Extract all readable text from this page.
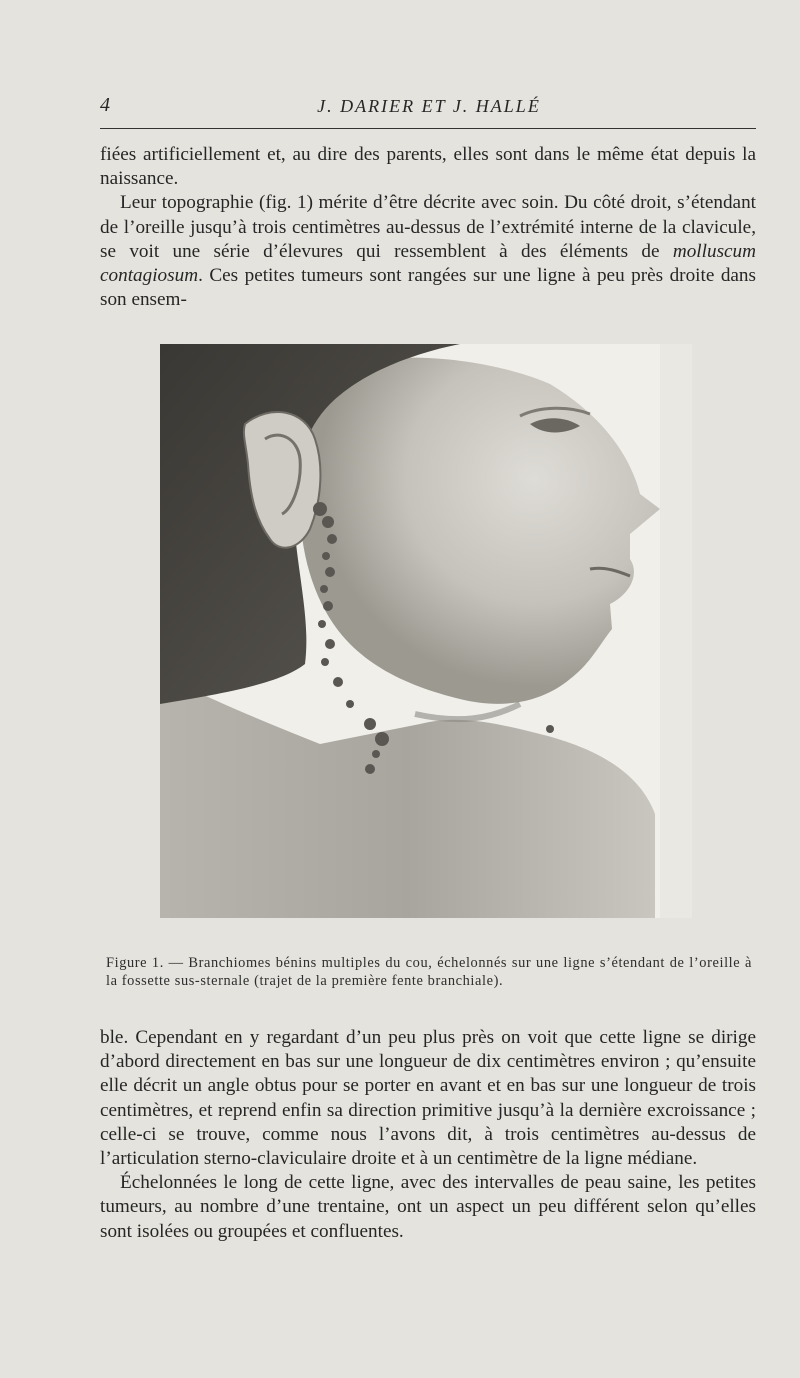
4	J. DARIER ET J. HALLÉ

fiées artificiellement et, au dire des parents, elles sont dans le même état depuis la naissance.

Leur topographie (fig. 1) mérite d’être décrite avec soin. Du côté droit, s’étendant de l’oreille jusqu’à trois centimètres au-dessus de l’extrémité interne de la clavicule, se voit une série d’élevures qui ressemblent à des éléments de molluscum contagiosum. Ces petites tumeurs sont rangées sur une ligne à peu près droite dans son ensem-

Figure 1. — Branchiomes bénins multiples du cou, échelonnés sur une ligne s’étendant de l’oreille à la fossette sus-sternale (trajet de la première fente branchiale).

ble. Cependant en y regardant d’un peu plus près on voit que cette ligne se dirige d’abord directement en bas sur une longueur de dix centimètres environ ; qu’ensuite elle décrit un angle obtus pour se porter en avant et en bas sur une longueur de trois centimètres, et reprend enfin sa direction primitive jusqu’à la dernière excroissance ; celle-ci se trouve, comme nous l’avons dit, à trois centimètres au-dessus de l’articulation sterno-claviculaire droite et à un centimètre de la ligne médiane.

Échelonnées le long de cette ligne, avec des intervalles de peau saine, les petites tumeurs, au nombre d’une trentaine, ont un aspect un peu différent selon qu’elles sont isolées ou groupées et confluentes.
